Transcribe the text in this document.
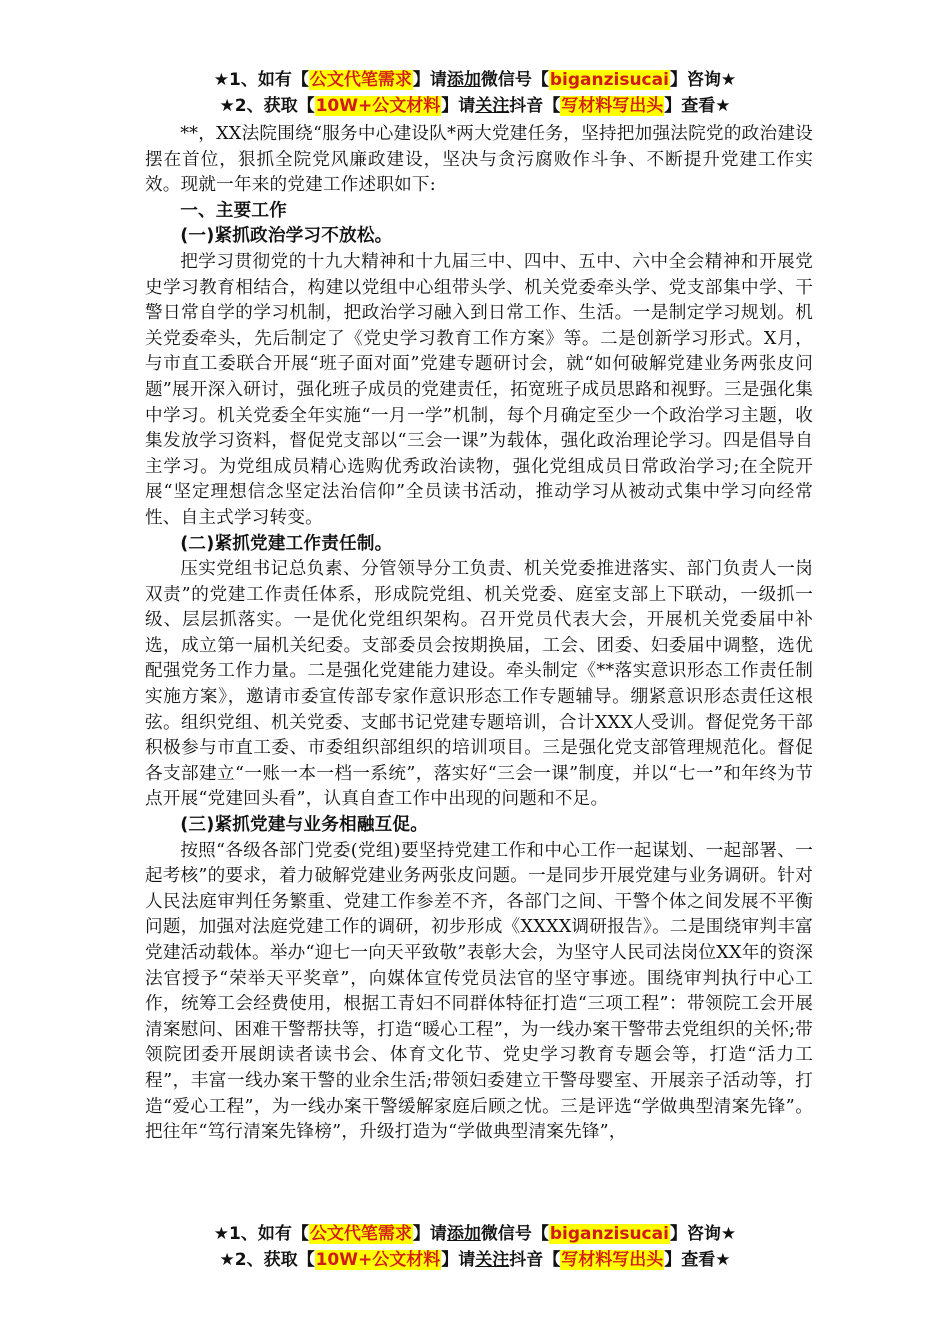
★1、如有【公文代笔需求】请添加微信号【biganzisucai】咨询★
★2、获取【10W+公文材料】请关注抖音【写材料写出头】查看★

**，XX法院围绕“服务中心建设队*两大党建任务，坚持把加强法院党的政治建设摆在首位，狠抓全院党风廉政建设，坚决与贪污腐败作斗争、不断提升党建工作实效。现就一年来的党建工作述职如下:

一、主要工作

(一)紧抓政治学习不放松。

把学习贯彻党的十九大精神和十九届三中、四中、五中、六中全会精神和开展党史学习教育相结合，构建以党组中心组带头学、机关党委牵头学、党支部集中学、干警日常自学的学习机制，把政治学习融入到日常工作、生活。一是制定学习规划。机关党委牵头，先后制定了《党史学习教育工作方案》等。二是创新学习形式。X月，与市直工委联合开展“班子面对面”党建专题研讨会，就“如何破解党建业务两张皮问题”展开深入研讨，强化班子成员的党建责任，拓宽班子成员思路和视野。三是强化集中学习。机关党委全年实施“一月一学”机制，每个月确定至少一个政治学习主题，收集发放学习资料，督促党支部以“三会一课”为载体，强化政治理论学习。四是倡导自主学习。为党组成员精心选购优秀政治读物，强化党组成员日常政治学习;在全院开展“坚定理想信念坚定法治信仰”全员读书活动，推动学习从被动式集中学习向经常性、自主式学习转变。

(二)紧抓党建工作责任制。

压实党组书记总负素、分管领导分工负责、机关党委推进落实、部门负责人一岗双责”的党建工作责任体系，形成院党组、机关党委、庭室支部上下联动，一级抓一级、层层抓落实。一是优化党组织架构。召开党员代表大会，开展机关党委届中补选，成立第一届机关纪委。支部委员会按期换届，工会、团委、妇委届中调整，选优配强党务工作力量。二是强化党建能力建设。牵头制定《**落实意识形态工作责任制实施方案》，邀请市委宣传部专家作意识形态工作专题辅导。绷紧意识形态责任这根弦。组织党组、机关党委、支邮书记党建专题培训，合计XXX人受训。督促党务干部积极参与市直工委、市委组织部组织的培训项目。三是强化党支部管理规范化。督促各支部建立“一账一本一档一系统”，落实好“三会一课”制度，并以“七一”和年终为节点开展“党建回头看”，认真自查工作中出现的问题和不足。

(三)紧抓党建与业务相融互促。

按照“各级各部门党委(党组)要坚持党建工作和中心工作一起谋划、一起部署、一起考核”的要求，着力破解党建业务两张皮问题。一是同步开展党建与业务调研。针对人民法庭审判任务繁重、党建工作参差不齐，各部门之间、干警个体之间发展不平衡问题，加强对法庭党建工作的调研，初步形成《XXXX调研报告》。二是围绕审判丰富党建活动载体。举办“迎七一向天平致敬”表彰大会，为坚守人民司法岗位XX年的资深法官授予“荣举天平奖章”，向媒体宣传党员法官的坚守事迹。围绕审判执行中心工作，统筹工会经费使用，根据工青妇不同群体特征打造“三项工程”：带领院工会开展清案慰问、困难干警帮扶等，打造“暖心工程”，为一线办案干警带去党组织的关怀;带领院团委开展朗读者读书会、体育文化节、党史学习教育专题会等，打造“活力工程”，丰富一线办案干警的业余生活;带领妇委建立干警母婴室、开展亲子活动等，打造“爱心工程”，为一线办案干警缓解家庭后顾之忧。三是评选“学做典型清案先锋”。把往年“笃行清案先锋榜”，升级打造为“学做典型清案先锋”，

★1、如有【公文代笔需求】请添加微信号【biganzisucai】咨询★
★2、获取【10W+公文材料】请关注抖音【写材料写出头】查看★
